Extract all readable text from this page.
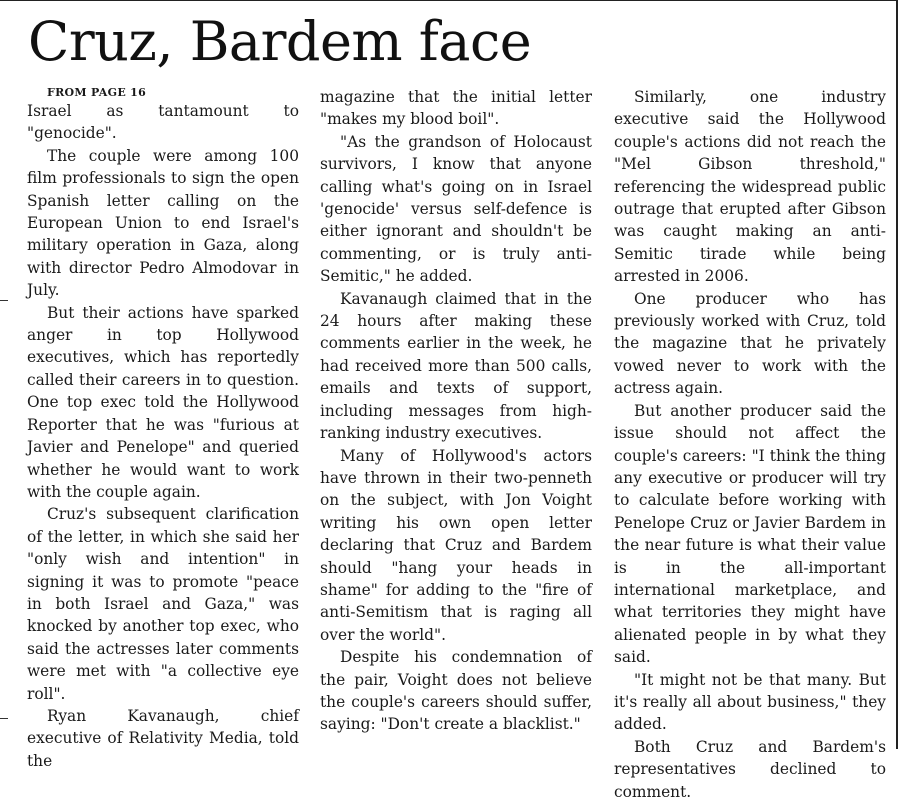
Cruz, Bardem face

FROM PAGE 16

Israel as tantamount to "genocide".

The couple were among 100 film professionals to sign the open Spanish letter calling on the European Union to end Israel's military operation in Gaza, along with director Pedro Almodovar in July.

But their actions have sparked anger in top Hollywood executives, which has reportedly called their careers in to question. One top exec told the Hollywood Reporter that he was "furious at Javier and Penelope" and queried whether he would want to work with the couple again.

Cruz's subsequent clarification of the letter, in which she said her "only wish and intention" in signing it was to promote "peace in both Israel and Gaza," was knocked by another top exec, who said the actresses later comments were met with "a collective eye roll".

Ryan Kavanaugh, chief executive of Relativity Media, told the

magazine that the initial letter "makes my blood boil".

"As the grandson of Holocaust survivors, I know that anyone calling what's going on in Israel 'genocide' versus self-defence is either ignorant and shouldn't be commenting, or is truly anti-Semitic," he added.

Kavanaugh claimed that in the 24 hours after making these comments earlier in the week, he had received more than 500 calls, emails and texts of support, including messages from high-ranking industry executives.

Many of Hollywood's actors have thrown in their two-penneth on the subject, with Jon Voight writing his own open letter declaring that Cruz and Bardem should "hang your heads in shame" for adding to the "fire of anti-Semitism that is raging all over the world".

Despite his condemnation of the pair, Voight does not believe the couple's careers should suffer, saying: "Don't create a blacklist."

Similarly, one industry executive said the Hollywood couple's actions did not reach the "Mel Gibson threshold," referencing the widespread public outrage that erupted after Gibson was caught making an anti-Semitic tirade while being arrested in 2006.

One producer who has previously worked with Cruz, told the magazine that he privately vowed never to work with the actress again.

But another producer said the issue should not affect the couple's careers: "I think the thing any executive or producer will try to calculate before working with Penelope Cruz or Javier Bardem in the near future is what their value is in the all-important international marketplace, and what territories they might have alienated people in by what they said.

"It might not be that many. But it's really all about business," they added.

Both Cruz and Bardem's representatives declined to comment.
